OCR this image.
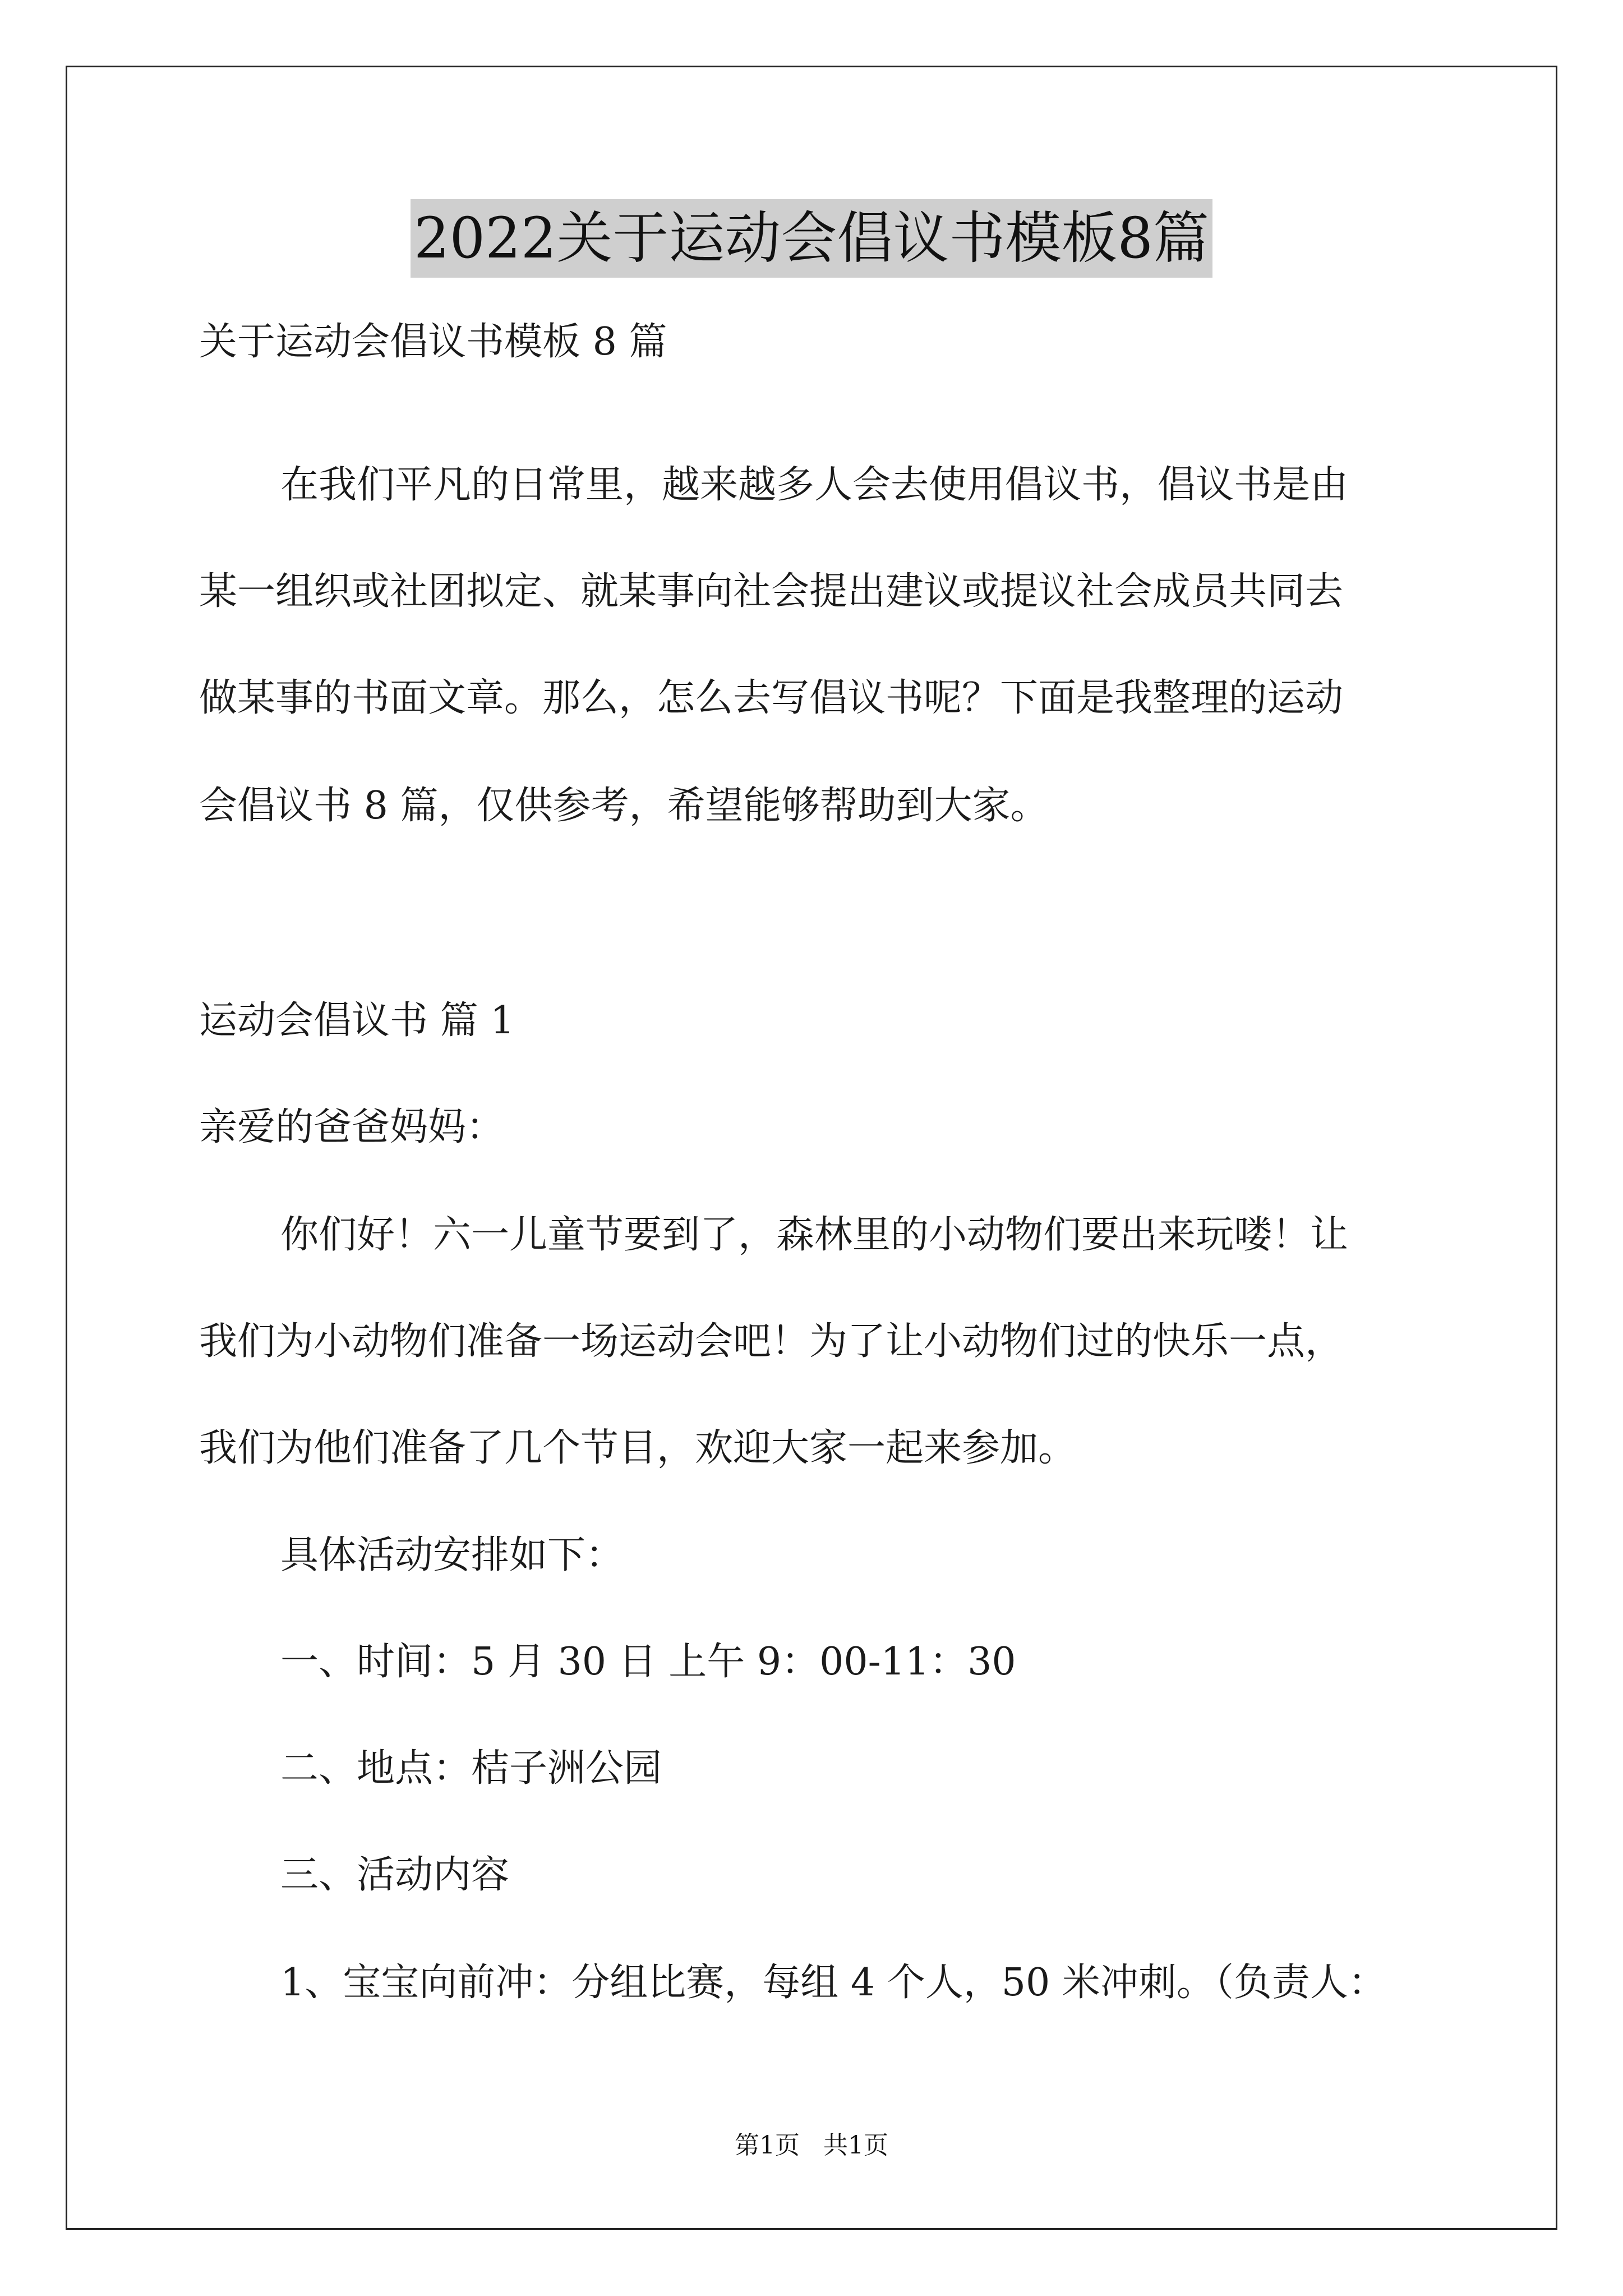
2022关于运动会倡议书模板8篇
关于运动会倡议书模板 8 篇
在我们平凡的日常里，越来越多人会去使用倡议书，倡议书是由
某一组织或社团拟定、就某事向社会提出建议或提议社会成员共同去
做某事的书面文章。那么，怎么去写倡议书呢？下面是我整理的运动
会倡议书 8 篇，仅供参考，希望能够帮助到大家。
运动会倡议书 篇 1
亲爱的爸爸妈妈：
你们好！六一儿童节要到了，森林里的小动物们要出来玩喽！让
我们为小动物们准备一场运动会吧！为了让小动物们过的快乐一点，
我们为他们准备了几个节目，欢迎大家一起来参加。
具体活动安排如下：
一、时间：5 月 30 日 上午 9：00-11：30
二、地点：桔子洲公园
三、活动内容
1、宝宝向前冲：分组比赛，每组 4 个人，50 米冲刺。（负责人：
第1页 共1页
